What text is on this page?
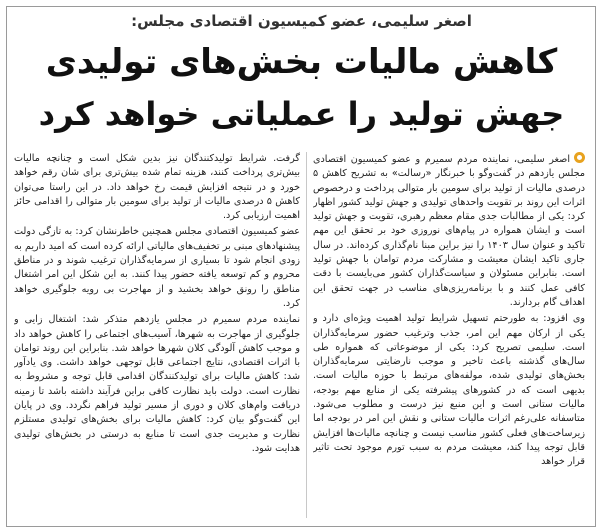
اصغر سلیمی، عضو کمیسیون اقتصادی مجلس:
کاهش مالیات بخش‌های تولیدی
جهش تولید را عملیاتی خواهد کرد

اصغر سلیمی، نماینده مردم سمیرم و عضو کمیسیون اقتصادی مجلس یازدهم در گفت‌وگو با خبرنگار «رسالت» به تشریح کاهش ۵ درصدی مالیات از تولید برای سومین بار متوالی پرداخت و درخصوص اثرات این روند بر تقویت واحدهای تولیدی و جهش تولید کشور اظهار کرد: یکی از مطالبات جدی مقام معظم رهبری، تقویت و جهش تولید است و ایشان همواره در پیام‌های نوروزی خود بر تحقق این مهم تاکید و عنوان سال ۱۴۰۳ را نیز براین مبنا نام‌گذاری کرده‌اند. در سال جاری تاکید ایشان معیشت و مشارکت مردم توامان با جهش تولید است. بنابراین مسئولان و سیاست‌گذاران کشور می‌بایست با دقت کافی عمل کنند و با برنامه‌ریزی‌های مناسب در جهت تحقق این اهداف گام بردارند.

وی افزود: به طورحتم تسهیل شرایط تولید اهمیت ویژه‌ای دارد و یکی از ارکان مهم این امر، جذب وترغیب حضور سرمایه‌گذاران است. سلیمی تصریح کرد: یکی از موضوعاتی که همواره طی سال‌های گذشته باعث تاخیر و موجب نارضایتی سرمایه‌گذاران بخش‌های تولیدی شده، مولفه‌های مرتبط با حوزه مالیات است. بدیهی است که در کشورهای پیشرفته یکی از منابع مهم بودجه، مالیات ستانی است و این منبع نیز درست و مطلوب می‌شود. متاسفانه علی‌رغم اثرات مالیات ستانی و نقش این امر در بودجه اما زیرساخت‌های فعلی کشور مناسب نیست و چنانچه مالیات‌ها افزایش قابل توجه پیدا کند، معیشت مردم به سبب تورم موجود تحت تاثیر قرار خواهد

گرفت. شرایط تولیدکنندگان نیز بدین شکل است و چنانچه مالیات بیش‌تری پرداخت کنند، هزینه تمام شده بیش‌تری برای شان رقم خواهد خورد و در نتیجه افزایش قیمت رخ خواهد داد. در این راستا می‌توان کاهش ۵ درصدی مالیات از تولید برای سومین بار متوالی را اقدامی حائز اهمیت ارزیابی کرد.

عضو کمیسیون اقتصادی مجلس همچنین خاطرنشان کرد: به تازگی دولت پیشنهادهای مبنی بر تخفیف‌های مالیاتی ارائه کرده است که امید داریم به زودی انجام شود تا بسیاری از سرمایه‌گذاران ترغیب شوند و در مناطق محروم و کم توسعه یافته حضور پیدا کنند. به این شکل این امر اشتغال مناطق را رونق خواهد بخشید و از مهاجرت بی رویه جلوگیری خواهد کرد.

نماینده مردم سمیرم در مجلس یازدهم متذکر شد: اشتغال زایی و جلوگیری از مهاجرت به شهرها، آسیب‌های اجتماعی را کاهش خواهد داد و موجب کاهش آلودگی کلان شهرها خواهد شد. بنابراین این روند توامان با اثرات اقتصادی، نتایج اجتماعی قابل توجهی خواهد داشت. وی یادآور شد: کاهش مالیات برای تولیدکنندگان اقدامی قابل توجه و مشروط به نظارت است. دولت باید نظارت کافی براین فرآیند داشته باشد تا زمینه دریافت وام‌های کلان و دوری از مسیر تولید فراهم نگردد. وی در پایان این گفت‌وگو بیان کرد: کاهش مالیات برای بخش‌های تولیدی مستلزم نظارت و مدیریت جدی است تا منابع به درستی در بخش‌های تولیدی هدایت شود.
